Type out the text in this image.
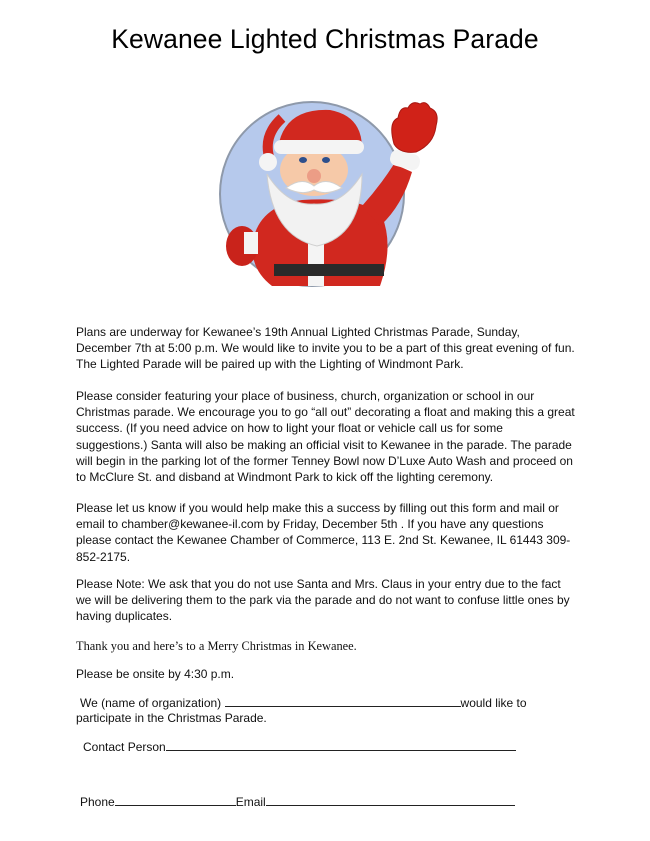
Kewanee Lighted Christmas Parade

Plans are underway for Kewanee’s 19th Annual Lighted Christmas Parade, Sunday, December 7th at 5:00 p.m. We would like to invite you to be a part of this great evening of fun. The Lighted Parade will be paired up with the Lighting of Windmont Park.

Please consider featuring your place of business, church, organization or school in our Christmas parade. We encourage you to go “all out” decorating a float and making this a great success. (If you need advice on how to light your float or vehicle call us for some suggestions.) Santa will also be making an official visit to Kewanee in the parade. The parade will begin in the parking lot of the former Tenney Bowl now D’Luxe Auto Wash and proceed on to McClure St. and disband at Windmont Park to kick off the lighting ceremony.

Please let us know if you would help make this a success by filling out this form and mail or email to chamber@kewanee-il.com by Friday, December 5th . If you have any questions please contact the Kewanee Chamber of Commerce, 113 E. 2nd St. Kewanee, IL 61443 309-852-2175.

Please Note: We ask that you do not use Santa and Mrs. Claus in your entry due to the fact we will be delivering them to the park via the parade and do not want to confuse little ones by having duplicates.

Thank you and here’s to a Merry Christmas in Kewanee.

Please be onsite by 4:30 p.m.

We (name of organization)	would like to
participate in the Christmas Parade.
Contact Person
Phone	Email
